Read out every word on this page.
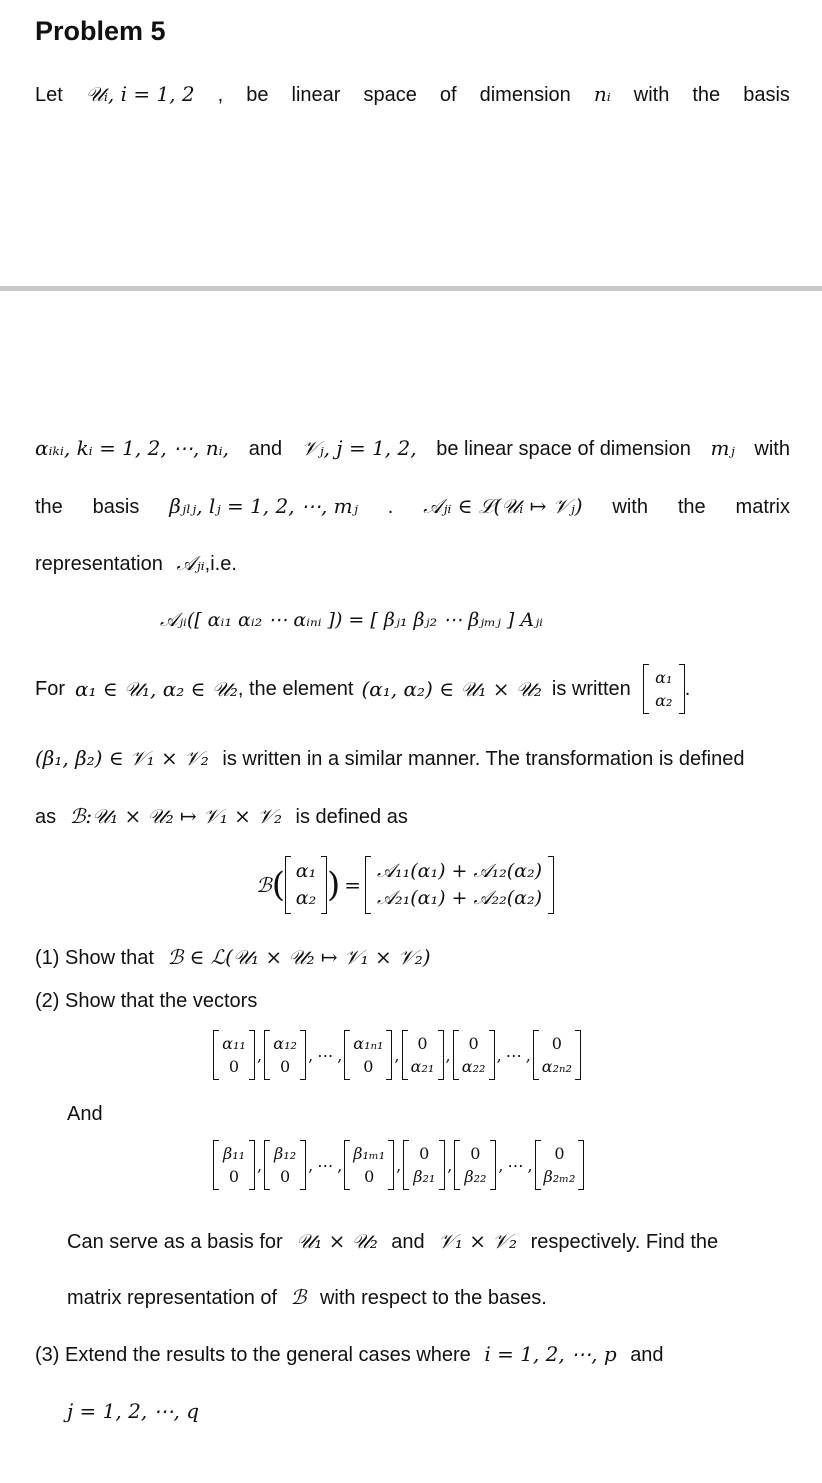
Problem 5
Let 𝒰ᵢ, i = 1, 2 , be linear space of dimension nᵢ with the basis
αᵢₖᵢ, kᵢ = 1, 2, ⋯, nᵢ, and 𝒱ⱼ, j = 1, 2, be linear space of dimension mⱼ with
the basis βⱼₗⱼ, lⱼ = 1, 2, ⋯, mⱼ . 𝒜ⱼᵢ ∈ ℒ(𝒰ᵢ ↦ 𝒱ⱼ) with the matrix
representation 𝒜ⱼᵢ,i.e.
𝒜ⱼᵢ([ αᵢ₁ αᵢ₂ ⋯ αᵢₙᵢ ]) = [ βⱼ₁ βⱼ₂ ⋯ βⱼₘⱼ ] Aⱼᵢ
For α₁ ∈ 𝒰₁, α₂ ∈ 𝒰₂ , the element (α₁, α₂) ∈ 𝒰₁ × 𝒰₂ is written α₁
α₂
.
(β₁, β₂) ∈ 𝒱₁ × 𝒱₂ is written in a similar manner. The transformation is defined
as ℬ:𝒰₁ × 𝒰₂ ↦ 𝒱₁ × 𝒱₂ is defined as
ℬ ( α₁
α₂ ) =
𝒜₁₁(α₁) + 𝒜₁₂(α₂)
𝒜₂₁(α₁) + 𝒜₂₂(α₂)
(1) Show that ℬ ∈ ℒ(𝒰₁ × 𝒰₂ ↦ 𝒱₁ × 𝒱₂)
(2) Show that the vectors
α₁₁
0
,
α₁₂
0
, ⋯ ,
α₁ₙ₁
0
,
0
α₂₁
,
0
α₂₂
, ⋯ ,
0
α₂ₙ₂
And
β₁₁
0
,
β₁₂
0
, ⋯ ,
β₁ₘ₁
0
,
0
β₂₁
,
0
β₂₂
, ⋯ ,
0
β₂ₘ₂
Can serve as a basis for 𝒰₁ × 𝒰₂ and 𝒱₁ × 𝒱₂ respectively. Find the
matrix representation of ℬ with respect to the bases.
(3) Extend the results to the general cases where i = 1, 2, ⋯, p and
j = 1, 2, ⋯, q
